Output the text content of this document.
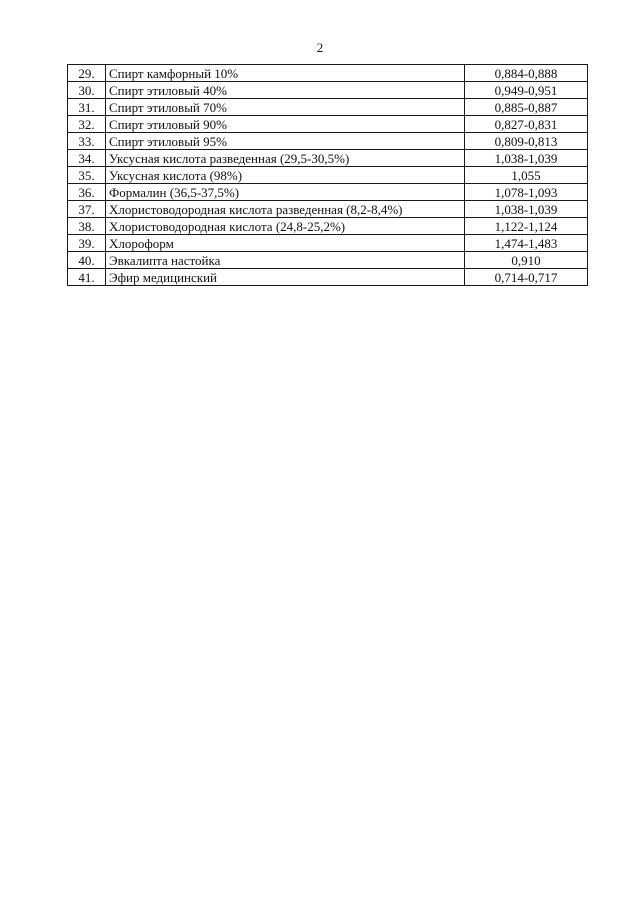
2
29.	Спирт камфорный 10%	0,884-0,888
30.	Спирт этиловый 40%	0,949-0,951
31.	Спирт этиловый 70%	0,885-0,887
32.	Спирт этиловый 90%	0,827-0,831
33.	Спирт этиловый 95%	0,809-0,813
34.	Уксусная кислота разведенная (29,5-30,5%)	1,038-1,039
35.	Уксусная кислота (98%)	1,055
36.	Формалин (36,5-37,5%)	1,078-1,093
37.	Хлористоводородная кислота разведенная (8,2-8,4%)	1,038-1,039
38.	Хлористоводородная кислота (24,8-25,2%)	1,122-1,124
39.	Хлороформ	1,474-1,483
40.	Эвкалипта настойка	0,910
41.	Эфир медицинский	0,714-0,717
